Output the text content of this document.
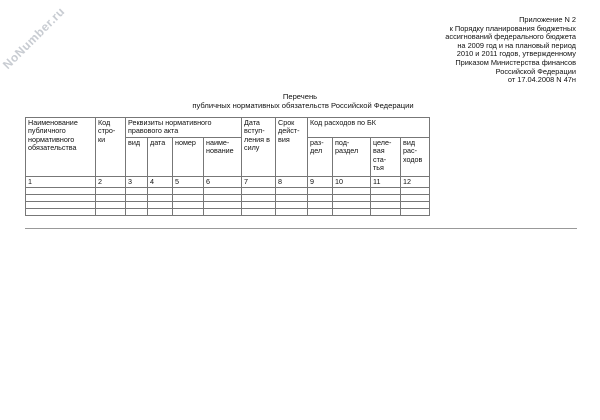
NoNumber.ru	Приложение N 2
к Порядку планирования бюджетных
ассигнований федерального бюджета
на 2009 год и на плановый период
2010 и 2011 годов, утвержденному
Приказом Министерства финансов
Российской Федерации
от 17.04.2008 N 47н
Перечень
публичных нормативных обязательств Российской Федерации
Наименование публичного нормативного обязательства	Код стро- ки	Реквизиты нормативного правового акта				Дата вступ- ления в силу	Срок дейст- вия	Код расходов по БК			
		вид	дата	номер	наиме- нование			раз- дел	под- раздел	целе- вая ста- тья	вид рас- ходов
1	2	3	4	5	6	7	8	9	10	11	12
